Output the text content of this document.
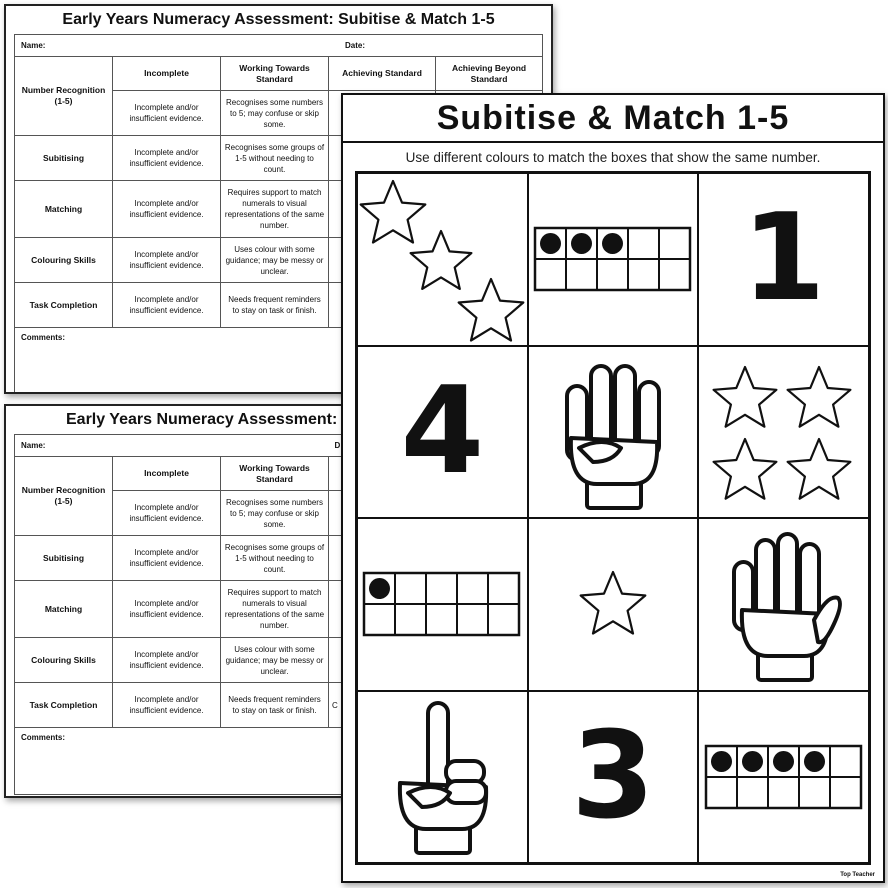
Early Years Numeracy Assessment: Subitise & Match 1-5
Name: Date:				

Number Recognition (1-5)	Incomplete	Working Towards Standard	Achieving Standard	Achieving Beyond Standard
	Incomplete and/or insufficient evidence.	Recognises some numbers to 5; may confuse or skip some.		
Subitising	Incomplete and/or insufficient evidence.	Recognises some groups of 1-5 without needing to count.		
Matching	Incomplete and/or insufficient evidence.	Requires support to match numerals to visual representations of the same number.		
Colouring Skills	Incomplete and/or insufficient evidence.	Uses colour with some guidance; may be messy or unclear.		
Task Completion	Incomplete and/or insufficient evidence.	Needs frequent reminders to stay on task or finish.		
Comments:				
Early Years Numeracy Assessment:
Name: D				

Number Recognition (1-5)	Incomplete	Working Towards Standard		
	Incomplete and/or insufficient evidence.	Recognises some numbers to 5; may confuse or skip some.		
Subitising	Incomplete and/or insufficient evidence.	Recognises some groups of 1-5 without needing to count.		
Matching	Incomplete and/or insufficient evidence.	Requires support to match numerals to visual representations of the same number.		
Colouring Skills	Incomplete and/or insufficient evidence.	Uses colour with some guidance; may be messy or unclear.		
Task Completion	Incomplete and/or insufficient evidence.	Needs frequent reminders to stay on task or finish.	C	
Comments:				
Subitise & Match 1-5
Use different colours to match the boxes that show the same number.
1
4
3
Top Teacher
